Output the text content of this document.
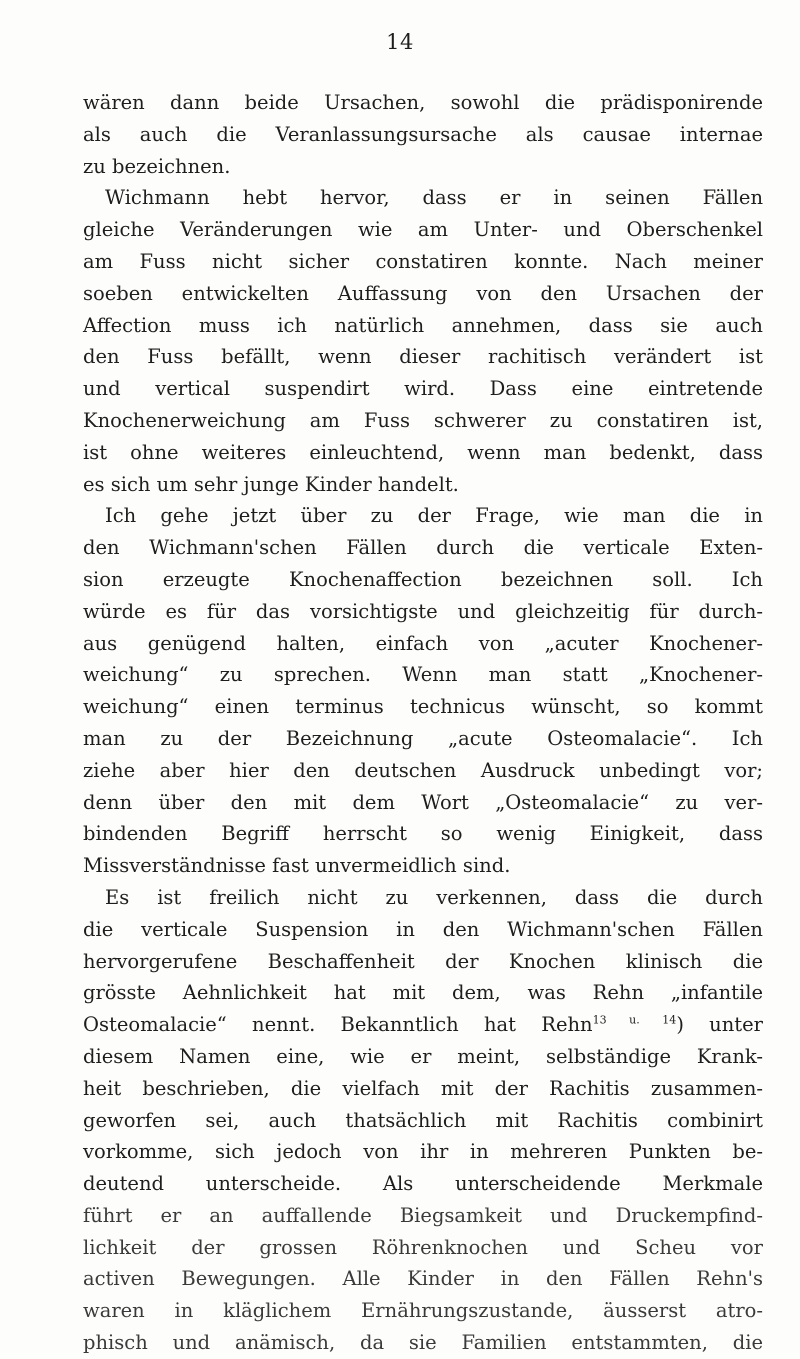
14
wären dann beide Ursachen, sowohl die prädisponirende
als auch die Veranlassungsursache als causae internae
zu bezeichnen.
Wichmann hebt hervor, dass er in seinen Fällen
gleiche Veränderungen wie am Unter- und Oberschenkel
am Fuss nicht sicher constatiren konnte. Nach meiner
soeben entwickelten Auffassung von den Ursachen der
Affection muss ich natürlich annehmen, dass sie auch
den Fuss befällt, wenn dieser rachitisch verändert ist
und vertical suspendirt wird. Dass eine eintretende
Knochenerweichung am Fuss schwerer zu constatiren ist,
ist ohne weiteres einleuchtend, wenn man bedenkt, dass
es sich um sehr junge Kinder handelt.
Ich gehe jetzt über zu der Frage, wie man die in
den Wichmann'schen Fällen durch die verticale Exten-
sion erzeugte Knochenaffection bezeichnen soll. Ich
würde es für das vorsichtigste und gleichzeitig für durch-
aus genügend halten, einfach von „acuter Knochener-
weichung“ zu sprechen. Wenn man statt „Knochener-
weichung“ einen terminus technicus wünscht, so kommt
man zu der Bezeichnung „acute Osteomalacie“. Ich
ziehe aber hier den deutschen Ausdruck unbedingt vor;
denn über den mit dem Wort „Osteomalacie“ zu ver-
bindenden Begriff herrscht so wenig Einigkeit, dass
Missverständnisse fast unvermeidlich sind.
Es ist freilich nicht zu verkennen, dass die durch
die verticale Suspension in den Wichmann'schen Fällen
hervorgerufene Beschaffenheit der Knochen klinisch die
grösste Aehnlichkeit hat mit dem, was Rehn „infantile
Osteomalacie“ nennt. Bekanntlich hat Rehn$^{13 u. 14}$) unter
diesem Namen eine, wie er meint, selbständige Krank-
heit beschrieben, die vielfach mit der Rachitis zusammen-
geworfen sei, auch thatsächlich mit Rachitis combinirt
vorkomme, sich jedoch von ihr in mehreren Punkten be-
deutend unterscheide. Als unterscheidende Merkmale
führt er an auffallende Biegsamkeit und Druckempfind-
lichkeit der grossen Röhrenknochen und Scheu vor
activen Bewegungen. Alle Kinder in den Fällen Rehn's
waren in kläglichem Ernährungszustande, äusserst atro-
phisch und anämisch, da sie Familien entstammten, die
